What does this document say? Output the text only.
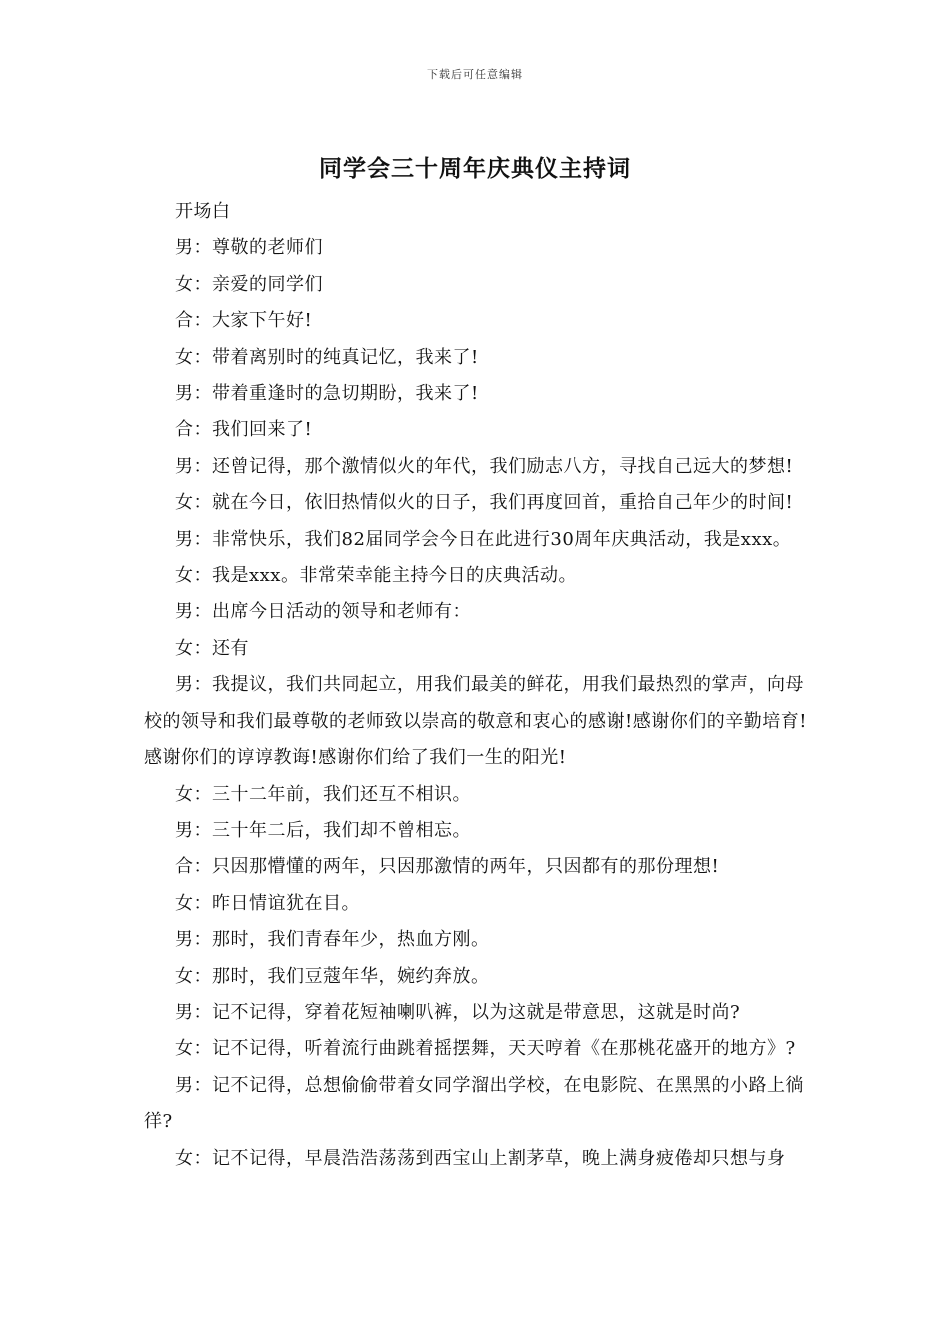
下载后可任意编辑
同学会三十周年庆典仪主持词

开场白

男：尊敬的老师们

女：亲爱的同学们

合：大家下午好!

女：带着离别时的纯真记忆，我来了!

男：带着重逢时的急切期盼，我来了!

合：我们回来了!

男：还曾记得，那个激情似火的年代，我们励志八方，寻找自己远大的梦想!

女：就在今日，依旧热情似火的日子，我们再度回首，重拾自己年少的时间!

男：非常快乐，我们82届同学会今日在此进行30周年庆典活动，我是xxx。

女：我是xxx。非常荣幸能主持今日的庆典活动。

男：出席今日活动的领导和老师有：

女：还有

男：我提议，我们共同起立，用我们最美的鲜花，用我们最热烈的掌声，向母校的领导和我们最尊敬的老师致以崇高的敬意和衷心的感谢!感谢你们的辛勤培育!感谢你们的谆谆教诲!感谢你们给了我们一生的阳光!

女：三十二年前，我们还互不相识。

男：三十年二后，我们却不曾相忘。

合：只因那懵懂的两年，只因那激情的两年，只因都有的那份理想!

女：昨日情谊犹在目。

男：那时，我们青春年少，热血方刚。

女：那时，我们豆蔻年华，婉约奔放。

男：记不记得，穿着花短袖喇叭裤，以为这就是带意思，这就是时尚?

女：记不记得，听着流行曲跳着摇摆舞，天天哼着《在那桃花盛开的地方》?

男：记不记得，总想偷偷带着女同学溜出学校，在电影院、在黑黑的小路上徜徉?

女：记不记得，早晨浩浩荡荡到西宝山上割茅草，晚上满身疲倦却只想与身
